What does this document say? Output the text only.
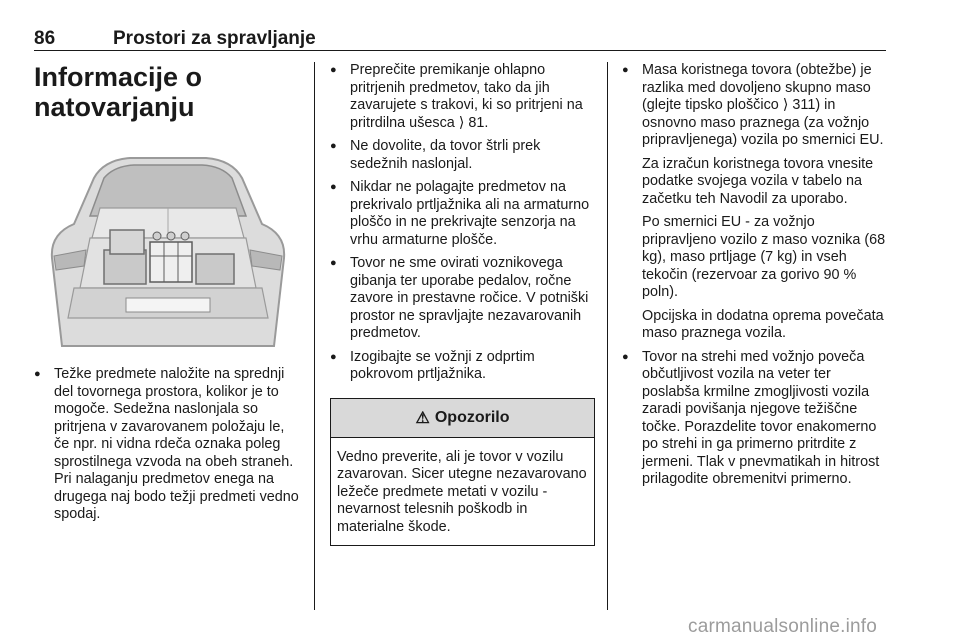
86	Prostori za spravljanje
Informacije o natovarjanju
● Težke predmete naložite na sprednji del tovornega prostora, kolikor je to mogoče. Sedežna naslonjala so pritrjena v zavarovanem položaju le, če npr. ni vidna rdeča oznaka poleg sprostilnega vzvoda na obeh straneh. Pri nalaganju predmetov enega na drugega naj bodo težji predmeti vedno spodaj.
● Preprečite premikanje ohlapno pritrjenih predmetov, tako da jih zavarujete s trakovi, ki so pritrjeni na pritrdilna ušesca ⟩ 81.
● Ne dovolite, da tovor štrli prek sedežnih naslonjal.
● Nikdar ne polagajte predmetov na prekrivalo prtljažnika ali na armaturno ploščo in ne prekrivajte senzorja na vrhu armaturne plošče.
● Tovor ne sme ovirati voznikovega gibanja ter uporabe pedalov, ročne zavore in prestavne ročice. V potniški prostor ne spravljajte nezavarovanih predmetov.
● Izogibajte se vožnji z odprtim pokrovom prtljažnika.
⚠ Opozorilo
Vedno preverite, ali je tovor v vozilu zavarovan. Sicer utegne nezavarovano ležeče predmete metati v vozilu - nevarnost telesnih poškodb in materialne škode.
● Masa koristnega tovora (obtežbe) je razlika med dovoljeno skupno maso (glejte tipsko ploščico ⟩ 311) in osnovno maso praznega (za vožnjo pripravljenega) vozila po smernici EU.

Za izračun koristnega tovora vnesite podatke svojega vozila v tabelo na začetku teh Navodil za uporabo.

Po smernici EU - za vožnjo pripravljeno vozilo z maso voznika (68 kg), maso prtljage (7 kg) in vseh tekočin (rezervoar za gorivo 90 % poln).

Opcijska in dodatna oprema povečata maso praznega vozila.

● Tovor na strehi med vožnjo poveča občutljivost vozila na veter ter poslabša krmilne zmogljivosti vozila zaradi povišanja njegove težiščne točke. Porazdelite tovor enakomerno po strehi in ga primerno pritrdite z jermeni. Tlak v pnevmatikah in hitrost prilagodite obremenitvi primerno.
carmanualsonline.info
